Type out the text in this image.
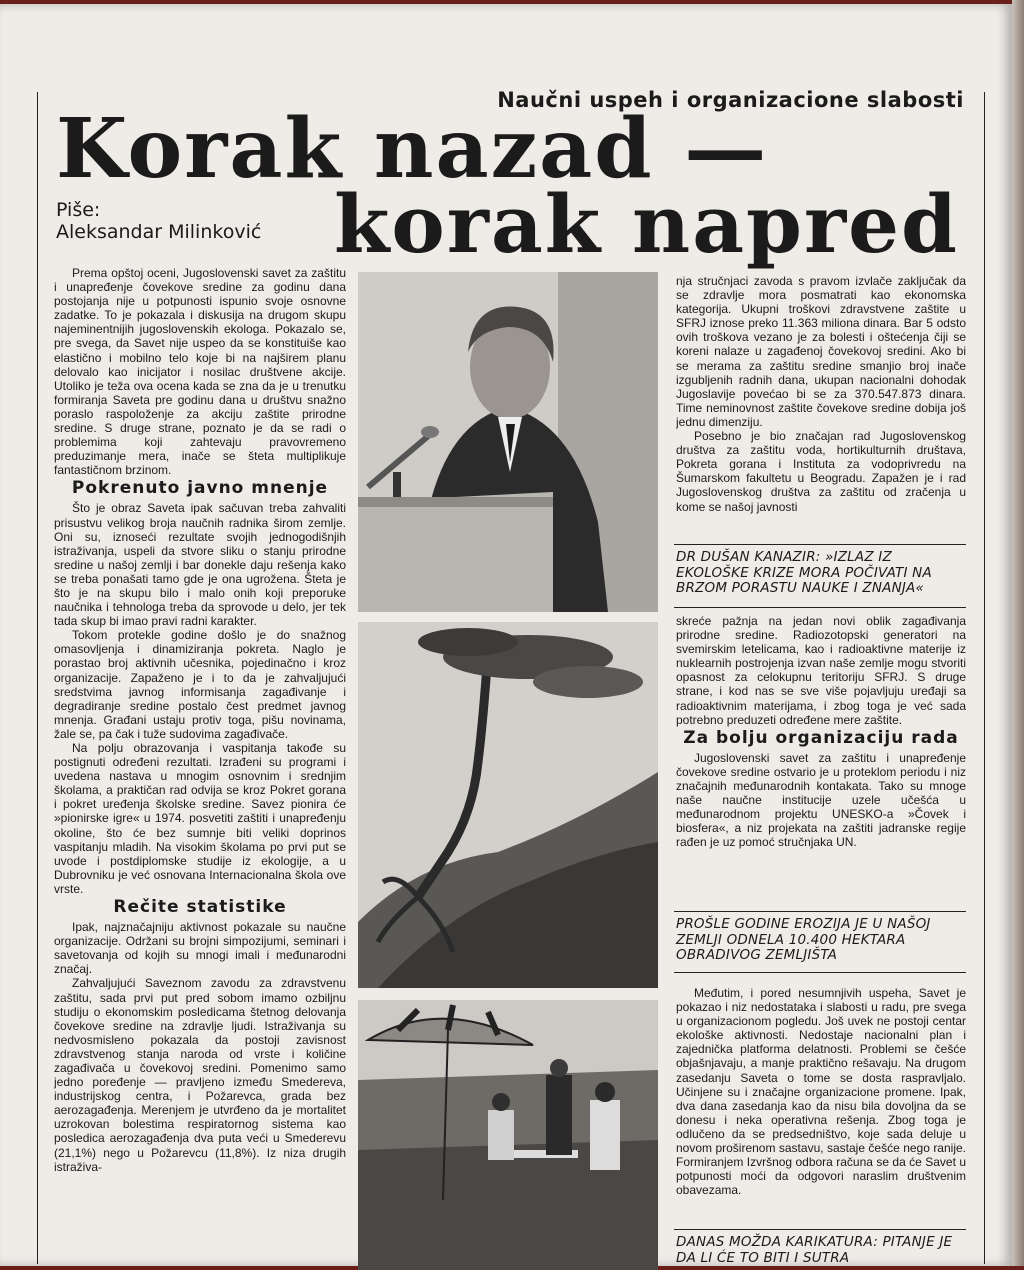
Naučni uspeh i organizacione slabosti
Korak nazad —
korak napred
Piše:
Aleksandar Milinković

Prema opštoj oceni, Jugoslovenski savet za zaštitu i unapređenje čovekove sredine za godinu dana postojanja nije u potpunosti ispunio svoje osnovne zadatke. To je pokazala i diskusija na drugom skupu najeminentnijih jugoslovenskih ekologa. Pokazalo se, pre svega, da Savet nije uspeo da se konstituiše kao elastično i mobilno telo koje bi na najširem planu delovalo kao inicijator i nosilac društvene akcije. Utoliko je teža ova ocena kada se zna da je u trenutku formiranja Saveta pre godinu dana u društvu snažno poraslo raspoloženje za akciju zaštite prirodne sredine. S druge strane, poznato je da se radi o problemima koji zahtevaju pravovremeno preduzimanje mera, inače se šteta multiplikuje fantastičnom brzinom.

Pokrenuto javno mnenje

Što je obraz Saveta ipak sačuvan treba zahvaliti prisustvu velikog broja naučnih radnika širom zemlje. Oni su, iznoseći rezultate svojih jednogodišnjih istraživanja, uspeli da stvore sliku o stanju prirodne sredine u našoj zemlji i bar donekle daju rešenja kako se treba ponašati tamo gde je ona ugrožena. Šteta je što je na skupu bilo i malo onih koji preporuke naučnika i tehnologa treba da sprovode u delo, jer tek tada skup bi imao pravi radni karakter.

Tokom protekle godine došlo je do snažnog omasovljenja i dinamiziranja pokreta. Naglo je porastao broj aktivnih učesnika, pojedinačno i kroz organizacije. Zapaženo je i to da je zahvaljujući sredstvima javnog informisanja zagađivanje i degradiranje sredine postalo čest predmet javnog mnenja. Građani ustaju protiv toga, pišu novinama, žale se, pa čak i tuže sudovima zagađivače.

Na polju obrazovanja i vaspitanja takođe su postignuti određeni rezultati. Izrađeni su programi i uvedena nastava u mnogim osnovnim i srednjim školama, a praktičan rad odvija se kroz Pokret gorana i pokret uređenja školske sredine. Savez pionira će »pionirske igre« u 1974. posvetiti zaštiti i unapređenju okoline, što će bez sumnje biti veliki doprinos vaspitanju mladih. Na visokim školama po prvi put se uvode i postdiplomske studije iz ekologije, a u Dubrovniku je već osnovana Internacionalna škola ove vrste.

Rečite statistike

Ipak, najznačajniju aktivnost pokazale su naučne organizacije. Održani su brojni simpozijumi, seminari i savetovanja od kojih su mnogi imali i međunarodni značaj.

Zahvaljujući Saveznom zavodu za zdravstvenu zaštitu, sada prvi put pred sobom imamo ozbiljnu studiju o ekonomskim posledicama štetnog delovanja čovekove sredine na zdravlje ljudi. Istraživanja su nedvosmisleno pokazala da postoji zavisnost zdravstvenog stanja naroda od vrste i količine zagađivača u čovekovoj sredini. Pomenimo samo jedno poređenje — pravljeno između Smedereva, industrijskog centra, i Požarevca, grada bez aerozagađenja. Merenjem je utvrđeno da je mortalitet uzrokovan bolestima respiratornog sistema kao posledica aerozagađenja dva puta veći u Smederevu (21,1%) nego u Požarevcu (11,8%). Iz niza drugih istraživa-

nja stručnjaci zavoda s pravom izvlače zaključak da se zdravlje mora posmatrati kao ekonomska kategorija. Ukupni troškovi zdravstvene zaštite u SFRJ iznose preko 11.363 miliona dinara. Bar 5 odsto ovih troškova vezano je za bolesti i oštećenja čiji se koreni nalaze u zagađenoj čovekovoj sredini. Ako bi se merama za zaštitu sredine smanjio broj inače izgubljenih radnih dana, ukupan nacionalni dohodak Jugoslavije povećao bi se za 370.547.873 dinara. Time neminovnost zaštite čovekove sredine dobija još jednu dimenziju.

Posebno je bio značajan rad Jugoslovenskog društva za zaštitu voda, hortikulturnih društava, Pokreta gorana i Instituta za vodoprivredu na Šumarskom fakultetu u Beogradu. Zapažen je i rad Jugoslovenskog društva za zaštitu od zračenja u kome se našoj javnosti

DR DUŠAN KANAZIR: »IZLAZ IZ EKOLOŠKE KRIZE MORA POČIVATI NA BRZOM PORASTU NAUKE I ZNANJA«

skreće pažnja na jedan novi oblik zagađivanja prirodne sredine. Radiozotopski generatori na svemirskim letelicama, kao i radioaktivne materije iz nuklearnih postrojenja izvan naše zemlje mogu stvoriti opasnost za celokupnu teritoriju SFRJ. S druge strane, i kod nas se sve više pojavljuju uređaji sa radioaktivnim materijama, i zbog toga je već sada potrebno preduzeti određene mere zaštite.

Za bolju organizaciju rada

Jugoslovenski savet za zaštitu i unapređenje čovekove sredine ostvario je u proteklom periodu i niz značajnih međunarodnih kontakata. Tako su mnoge naše naučne institucije uzele učešća u međunarodnom projektu UNESKO-a »Čovek i biosfera«, a niz projekata na zaštiti jadranske regije rađen je uz pomoć stručnjaka UN.

PROŠLE GODINE EROZIJA JE U NAŠOJ ZEMLJI ODNELA 10.400 HEKTARA OBRADIVOG ZEMLJIŠTA

Međutim, i pored nesumnjivih uspeha, Savet je pokazao i niz nedostataka i slabosti u radu, pre svega u organizacionom pogledu. Još uvek ne postoji centar ekološke aktivnosti. Nedostaje nacionalni plan i zajednička platforma delatnosti. Problemi se češće objašnjavaju, a manje praktično rešavaju. Na drugom zasedanju Saveta o tome se dosta raspravljalo. Učinjene su i značajne organizacione promene. Ipak, dva dana zasedanja kao da nisu bila dovoljna da se donesu i neka operativna rešenja. Zbog toga je odlučeno da se predsedništvo, koje sada deluje u novom proširenom sastavu, sastaje češće nego ranije. Formiranjem Izvršnog odbora računa se da će Savet u potpunosti moći da odgovori naraslim društvenim obavezama.

DANAS MOŽDA KARIKATURA: PITANJE JE DA LI ĆE TO BITI I SUTRA
